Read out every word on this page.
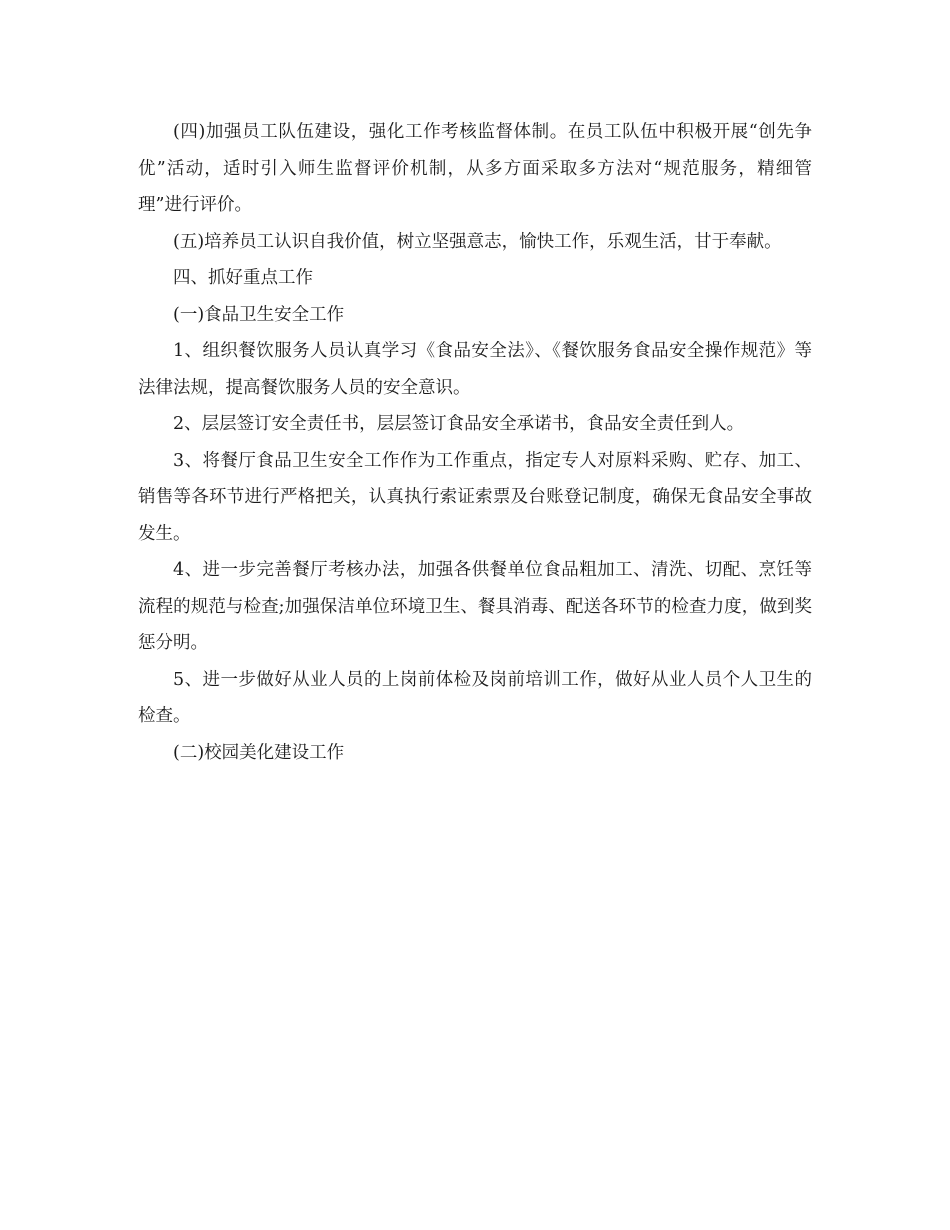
(四)加强员工队伍建设，强化工作考核监督体制。在员工队伍中积极开展“创先争优”活动，适时引入师生监督评价机制，从多方面采取多方法对“规范服务，精细管理”进行评价。

(五)培养员工认识自我价值，树立坚强意志，愉快工作，乐观生活，甘于奉献。

四、抓好重点工作

(一)食品卫生安全工作

1、组织餐饮服务人员认真学习《食品安全法》、《餐饮服务食品安全操作规范》等法律法规，提高餐饮服务人员的安全意识。

2、层层签订安全责任书，层层签订食品安全承诺书，食品安全责任到人。

3、将餐厅食品卫生安全工作作为工作重点，指定专人对原料采购、贮存、加工、销售等各环节进行严格把关，认真执行索证索票及台账登记制度，确保无食品安全事故发生。

4、进一步完善餐厅考核办法，加强各供餐单位食品粗加工、清洗、切配、烹饪等流程的规范与检查;加强保洁单位环境卫生、餐具消毒、配送各环节的检查力度，做到奖惩分明。

5、进一步做好从业人员的上岗前体检及岗前培训工作，做好从业人员个人卫生的检查。

(二)校园美化建设工作
